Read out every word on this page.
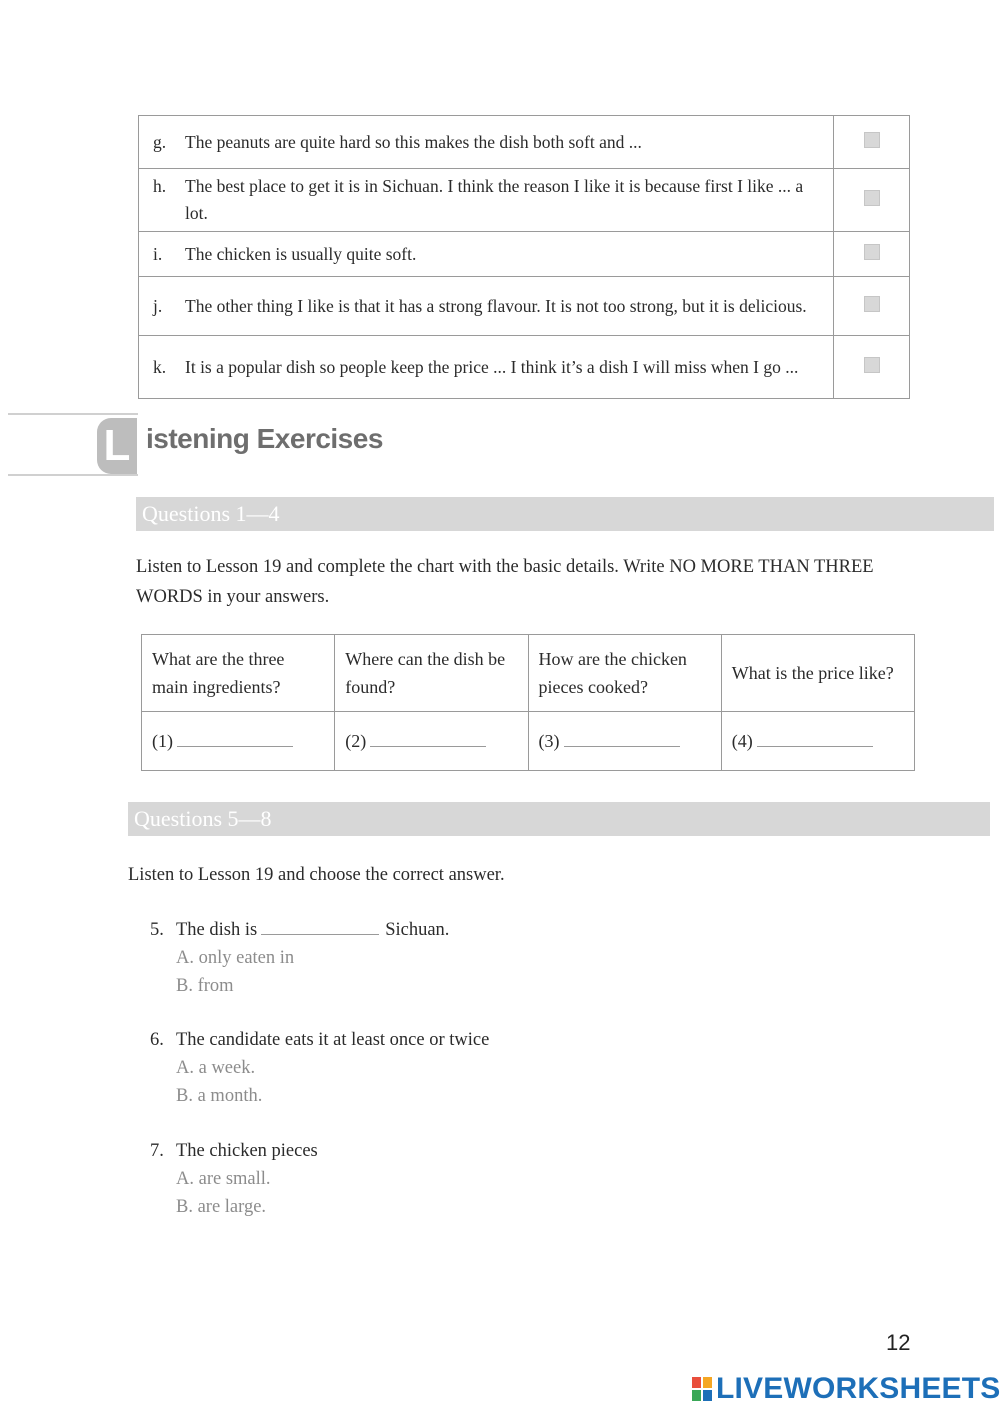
g. The peanuts are quite hard so this makes the dish both soft and ...	
h. The best place to get it is in Sichuan. I think the reason I like it is because first I like ... a lot.	
i. The chicken is usually quite soft.	
j. The other thing I like is that it has a strong flavour. It is not too strong, but it is delicious.	
k. It is a popular dish so people keep the price ... I think it’s a dish I will miss when I go ...	
L istening Exercises
Questions 1—4
Listen to Lesson 19 and complete the chart with the basic details. Write NO MORE THAN THREE WORDS in your answers.
What are the three main ingredients?	Where can the dish be found?	How are the chicken pieces cooked?	What is the price like?
(1)	(2)	(3)	(4)
Questions 5—8
Listen to Lesson 19 and choose the correct answer.
5. The dish is	Sichuan.
A. only eaten in
B. from
6. The candidate eats it at least once or twice
A. a week.
B. a month.
7. The chicken pieces
A. are small.
B. are large.
12
LIVEWORKSHEETS
